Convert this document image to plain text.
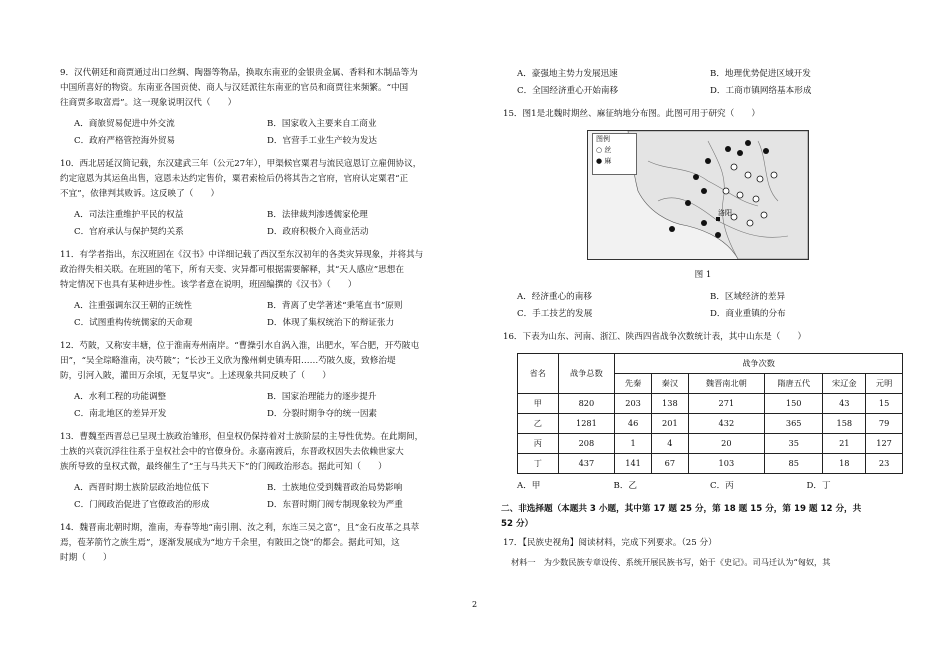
9．汉代朝廷和商贾通过出口丝绸、陶器等物品，换取东南亚的金银贵金属、香料和木制品等为

中国所喜好的物资。东南亚各国贡使、商人与汉廷派往东南亚的官员和商贾往来频繁。“中国

往商贾多取富焉”。这一现象说明汉代（　　）

A．商旅贸易促进中外交流	B．国家收入主要来自工商业
C．政府严格管控海外贸易	D．官营手工业生产较为发达

10．西北居延汉简记载，东汉建武三年（公元27年），甲渠候官粟君与流民寇恩订立雇佣协议，

约定寇恩为其运鱼出售，寇恩未达约定售价，粟君索检后仍将其告之官府，官府认定粟君“正

不宜”，依律判其败诉。这反映了（　　）

A．司法注重维护平民的权益	B．法律裁判渗透儒家伦理
C．官府承认与保护契约关系	D．政府积极介入商业活动

11．有学者指出，东汉班固在《汉书》中详细记载了西汉至东汉初年的各类灾异现象，并将其与

政治得失相关联。在班固的笔下，所有天变、灾异都可根据需要解释，其“天人感应”思想在

特定情况下也具有某种进步性。该学者意在说明，班固编撰的《汉书》（　　）

A．注重强调东汉王朝的正统性	B．背离了史学著述“秉笔直书”原则
C．试图重构传统儒家的天命观	D．体现了集权统治下的辩证张力

12．芍陂，又称安丰塘，位于淮南寿州南岸。“曹操引水自涡入淮，出肥水，军合肥，开芍陂屯

田”，“吴全琮略淮南，决芍陂”；“长沙王义欣为豫州刺史镇寿阳……芍陂久废，致修治堤

防，引河入陂，灌田万余顷，无复旱灾”。上述现象共同反映了（　　）

A．水利工程的功能调整	B．国家治理能力的逐步提升
C．南北地区的差异开发	D．分裂时期争夺的统一因素

13．曹魏至西晋总已呈现士族政治雏形，但皇权仍保持着对士族阶层的主导性优势。在此期间，

士族的兴衰沉浮往往系于皇权社会中的官僚身份。永嘉南渡后，东晋政权因失去依赖世家大

族所导致的皇权式微，最终催生了“王与马共天下”的门阀政治形态。据此可知（　　）

A．西晋时期士族阶层政治地位低下	B．士族地位受到魏晋政治局势影响
C．门阀政治促进了官僚政治的形成	D．东晋时期门阀专制现象较为严重

14．魏晋南北朝时期，淮南，寿春等地“南引荆、汝之利，东连三吴之富”，且“金石皮革之具萃

焉，苞茅箭竹之族生焉”，逐渐发展成为“地方千余里，有陂田之饶”的都会。据此可知，这

时期（　　）

A．豪强地主势力发展迅速	B．地理优势促进区域开发
C．全国经济重心开始南移	D．工商市镇网络基本形成

15．图1是北魏时期丝、麻征纳地分布图。此图可用于研究（　　）

洛阳
图例
○ 丝
● 麻
图 1
A．经济重心的南移	B．区域经济的差异
C．手工技艺的发展	D．商业重镇的分布

16．下表为山东、河南、浙江、陕西四省战争次数统计表，其中山东是（　　）

省名	战争总数	战争次数					
		先秦	秦汉	魏晋南北朝	隋唐五代	宋辽金	元明
甲	820	203	138	271	150	43	15
乙	1281	46	201	432	365	158	79
丙	208	1	4	20	35	21	127
丁	437	141	67	103	85	18	23
A．甲	B．乙	C．丙	D．丁

二、非选择题（本题共 3 小题，其中第 17 题 25 分，第 18 题 15 分，第 19 题 12 分，共

52 分）

17．【民族史视角】阅读材料，完成下列要求。（25 分）

材料一　为少数民族专章设传、系统开展民族书写，始于《史记》。司马迁认为“匈奴，其

2
